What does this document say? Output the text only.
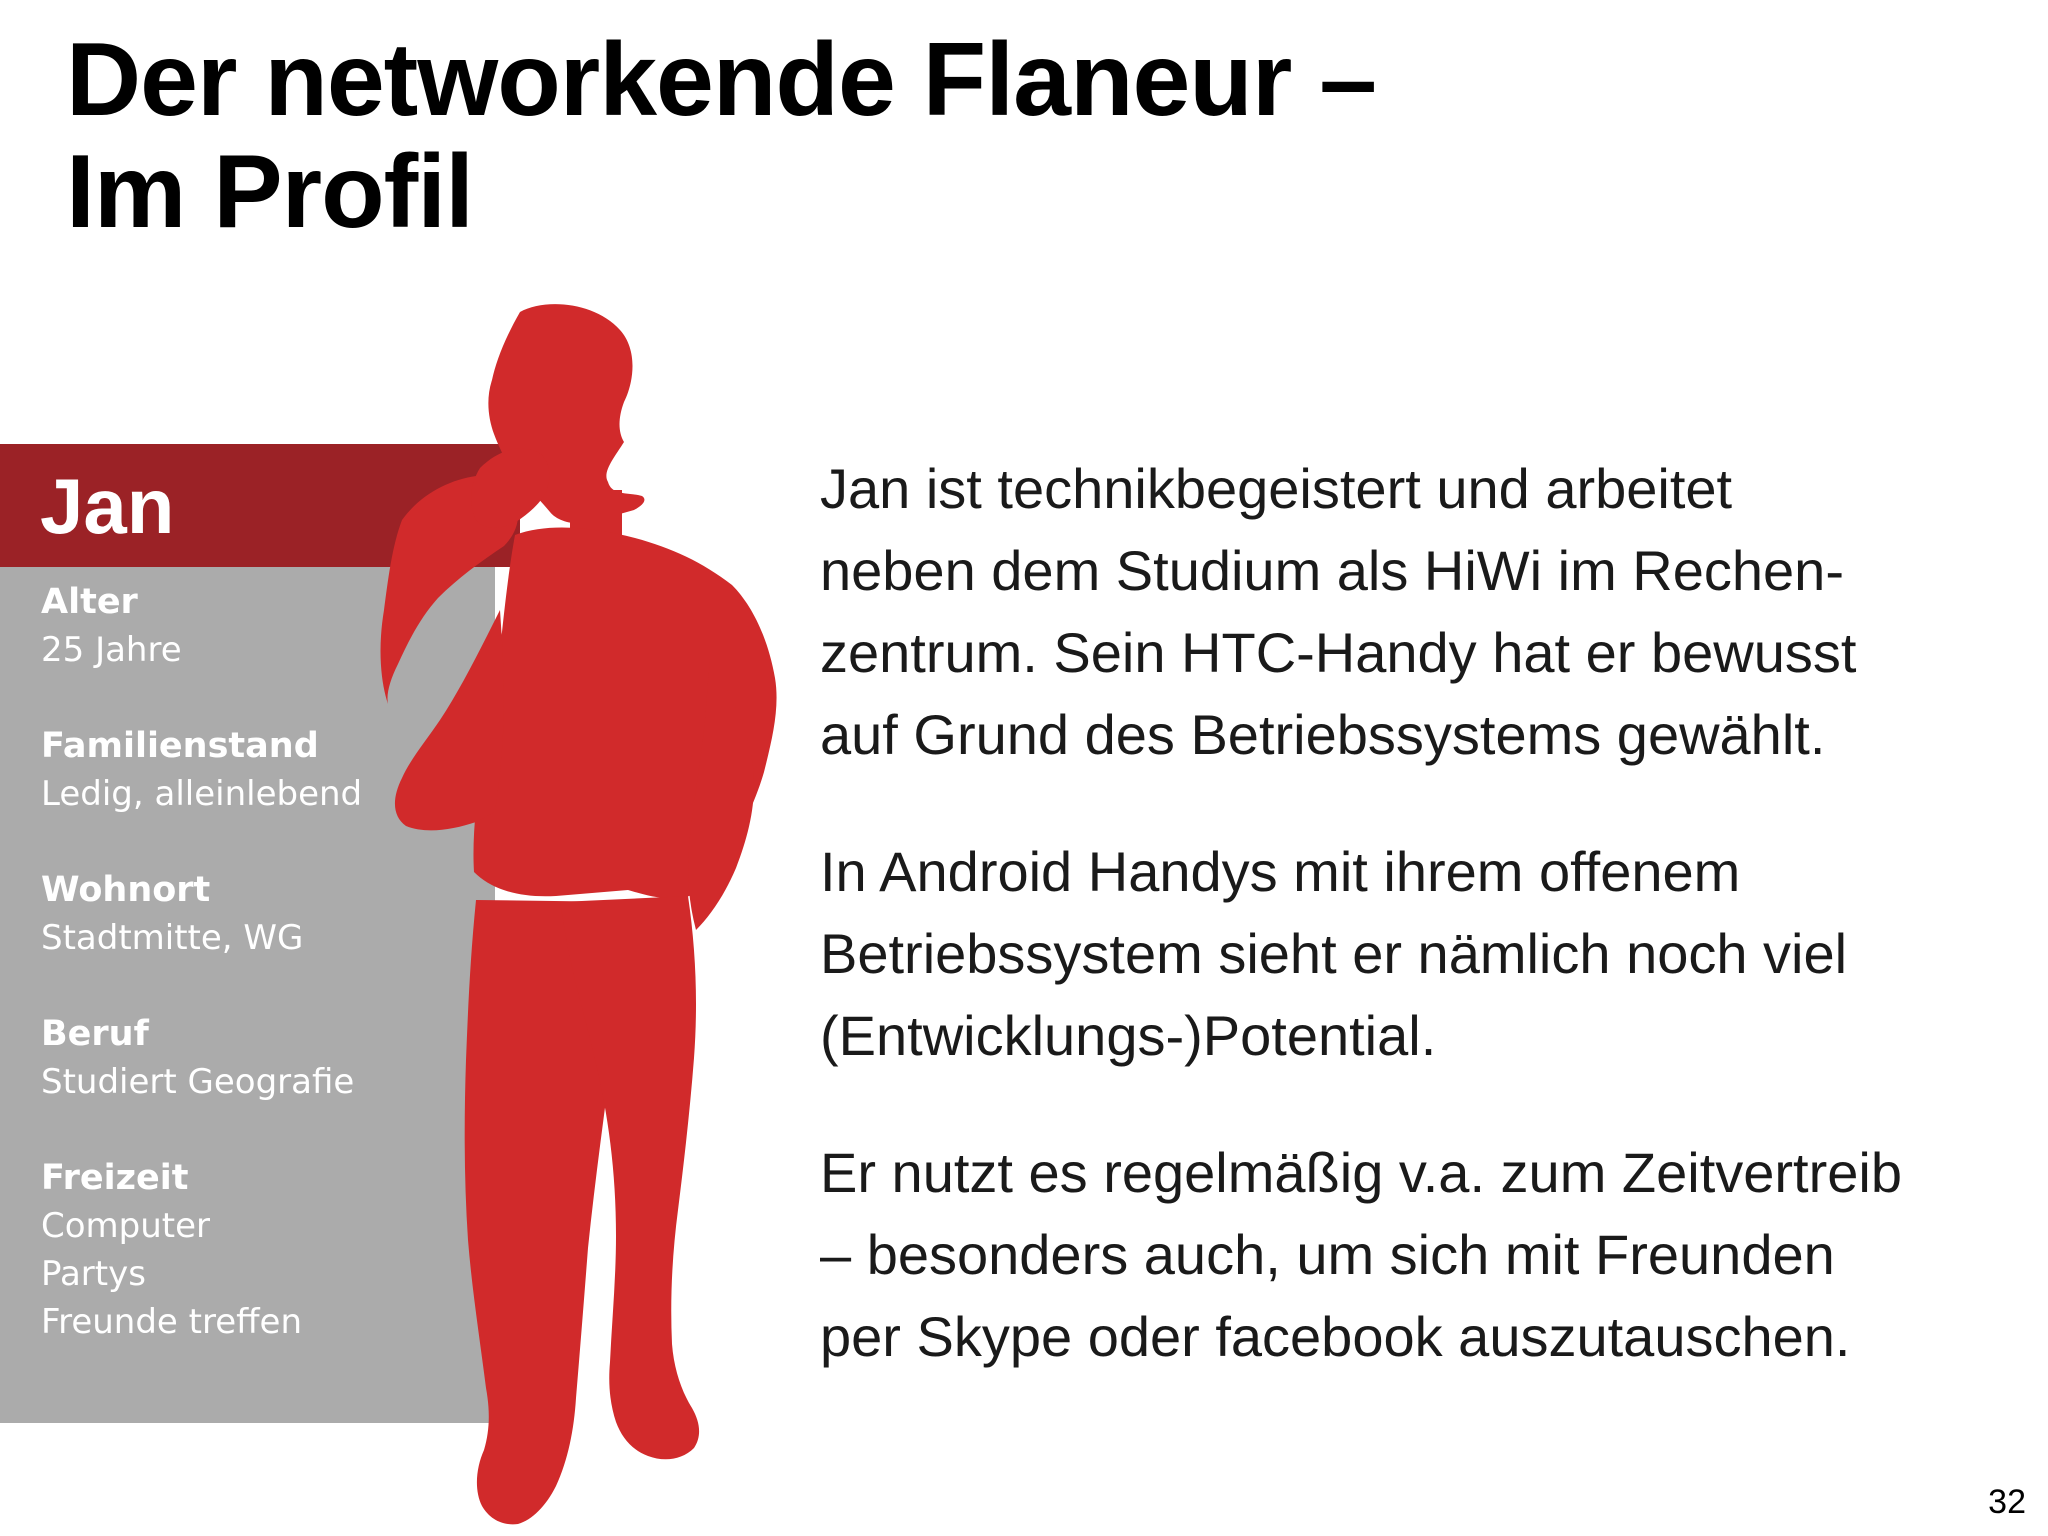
Der networkende Flaneur –
Im Profil
Jan
Alter
25 Jahre
Familienstand
Ledig, alleinlebend
Wohnort
Stadtmitte, WG
Beruf
Studiert Geografie
Freizeit
Computer
Partys
Freunde treffen

Jan ist technikbegeistert und arbeitet
neben dem Studium als HiWi im Rechen-
zentrum. Sein HTC-Handy hat er bewusst
auf Grund des Betriebssystems gewählt.

In Android Handys mit ihrem offenem
Betriebssystem sieht er nämlich noch viel
(Entwicklungs-)Potential.

Er nutzt es regelmäßig v.a. zum Zeitvertreib
– besonders auch, um sich mit Freunden
per Skype oder facebook auszutauschen.

32
